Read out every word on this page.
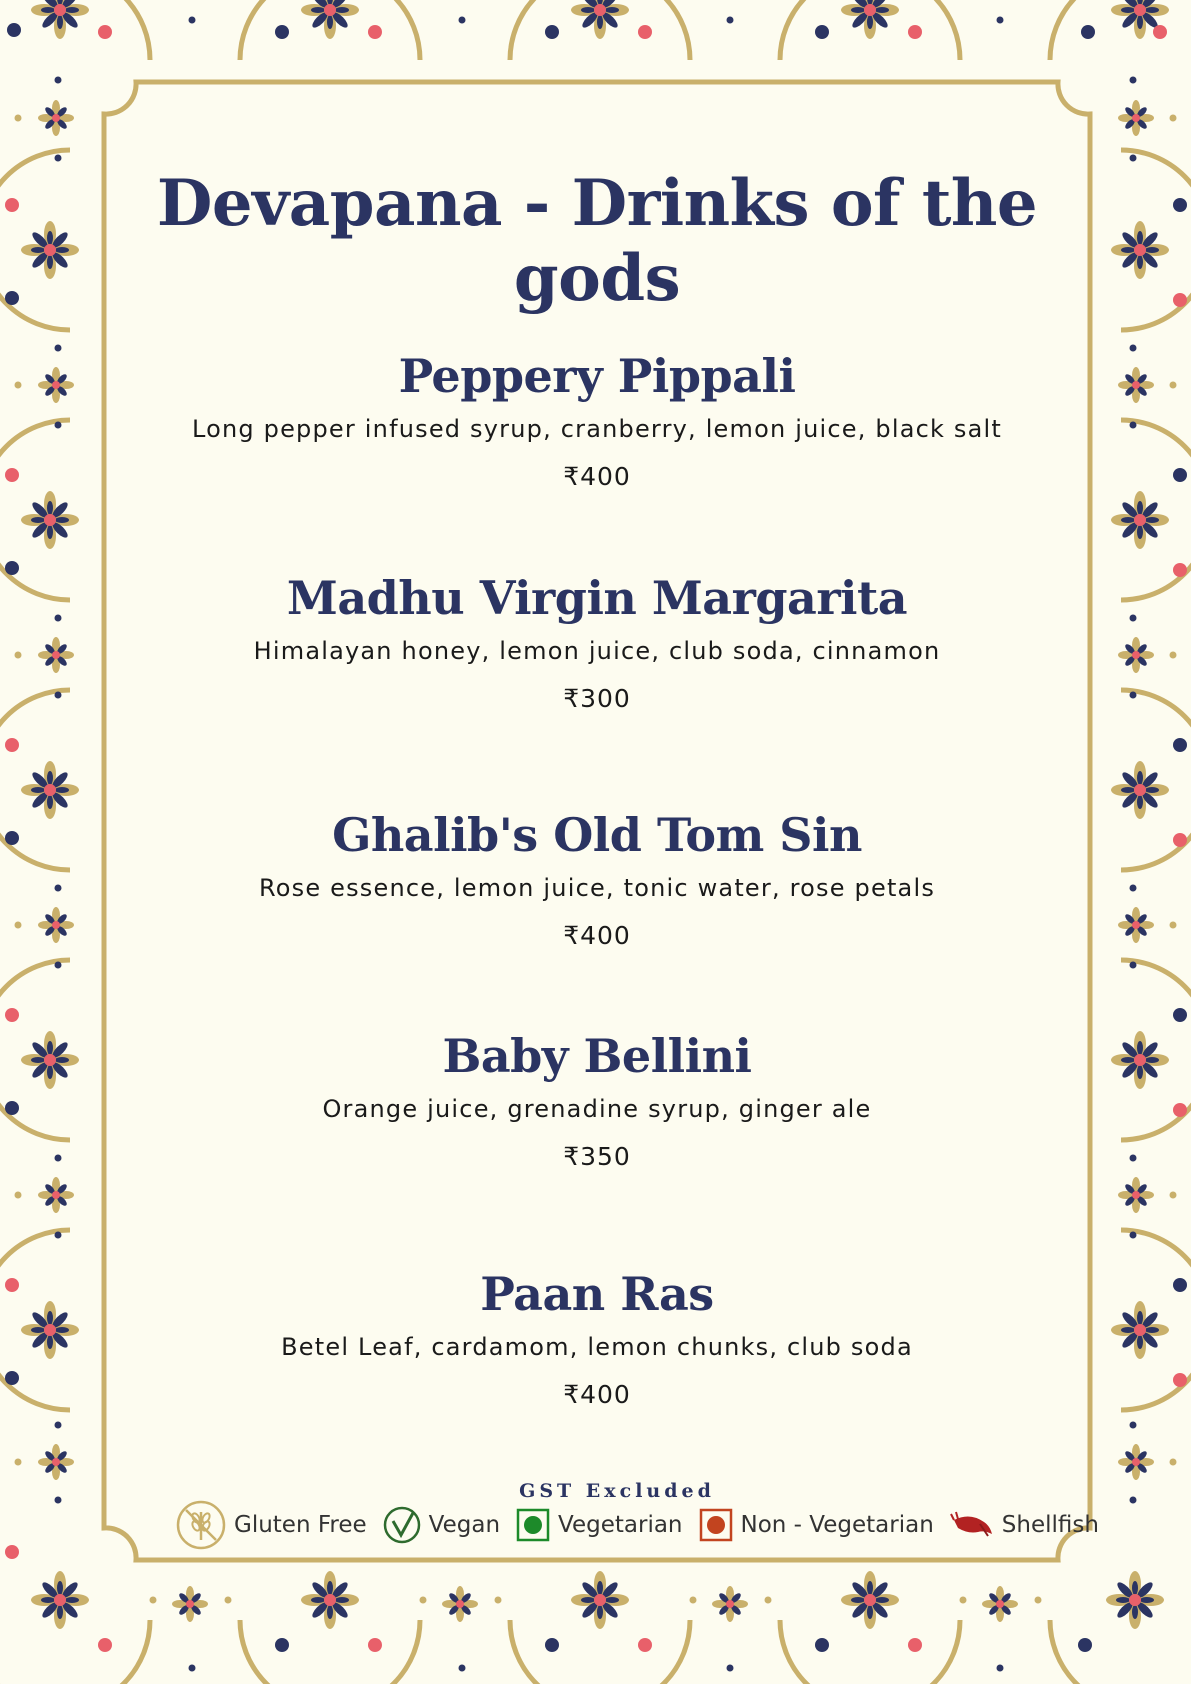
Devapana - Drinks of the gods
Peppery Pippali
Long pepper infused syrup, cranberry, lemon juice, black salt
₹400
Madhu Virgin Margarita
Himalayan honey, lemon juice, club soda, cinnamon
₹300
Ghalib's Old Tom Sin
Rose essence, lemon juice, tonic water, rose petals
₹400
Baby Bellini
Orange juice, grenadine syrup, ginger ale
₹350
Paan Ras
Betel Leaf, cardamom, lemon chunks, club soda
₹400
GST Excluded
Gluten Free	Vegan	Vegetarian	Non - Vegetarian	Shellfish
